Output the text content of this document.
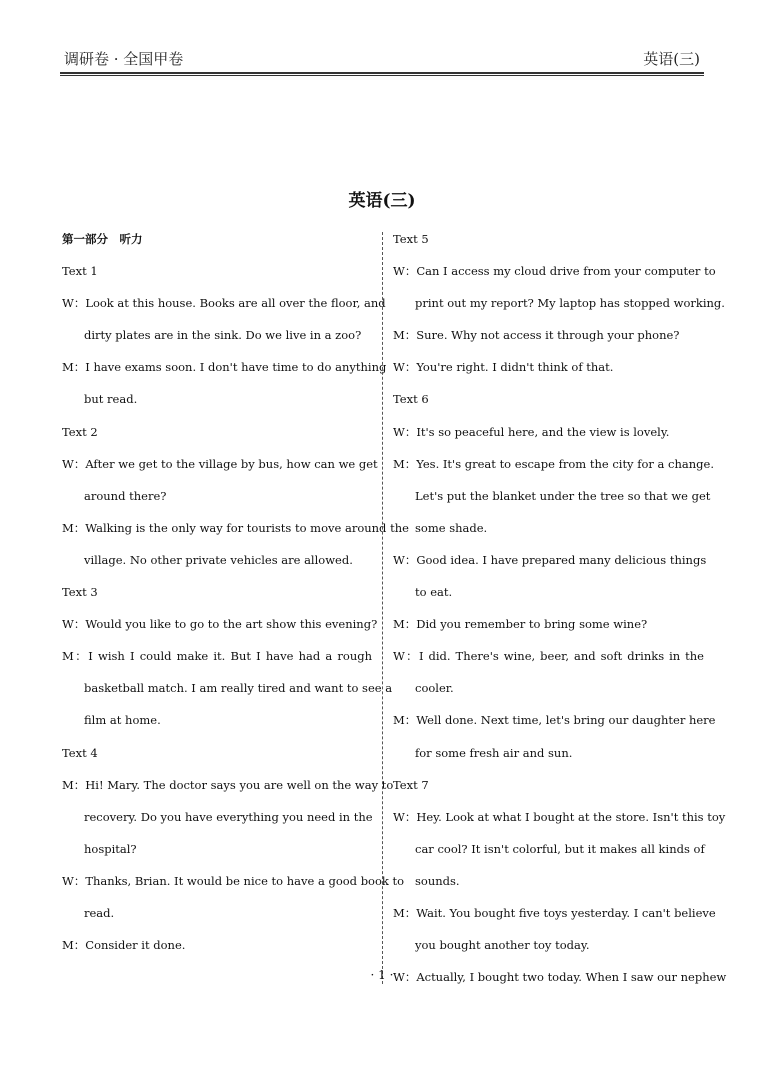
调研卷 · 全国甲卷	英语(三)
英语(三)
第一部分　听力
Text 1
W：Look at this house. Books are all over the floor, and
dirty plates are in the sink. Do we live in a zoo?
M：I have exams soon. I don't have time to do anything
but read.
Text 2
W：After we get to the village by bus, how can we get
around there?
M：Walking is the only way for tourists to move around the
village. No other private vehicles are allowed.
Text 3
W：Would you like to go to the art show this evening?
M：I wish I could make it. But I have had a rough
basketball match. I am really tired and want to see a
film at home.
Text 4
M：Hi! Mary. The doctor says you are well on the way to
recovery. Do you have everything you need in the
hospital?
W：Thanks, Brian. It would be nice to have a good book to
read.
M：Consider it done.
Text 5
W：Can I access my cloud drive from your computer to
print out my report? My laptop has stopped working.
M：Sure. Why not access it through your phone?
W：You're right. I didn't think of that.
Text 6
W：It's so peaceful here, and the view is lovely.
M：Yes. It's great to escape from the city for a change.
Let's put the blanket under the tree so that we get
some shade.
W：Good idea. I have prepared many delicious things
to eat.
M：Did you remember to bring some wine?
W：I did. There's wine, beer, and soft drinks in the
cooler.
M：Well done. Next time, let's bring our daughter here
for some fresh air and sun.
Text 7
W：Hey. Look at what I bought at the store. Isn't this toy
car cool? It isn't colorful, but it makes all kinds of
sounds.
M：Wait. You bought five toys yesterday. I can't believe
you bought another toy today.
W：Actually, I bought two today. When I saw our nephew
· 1 ·
